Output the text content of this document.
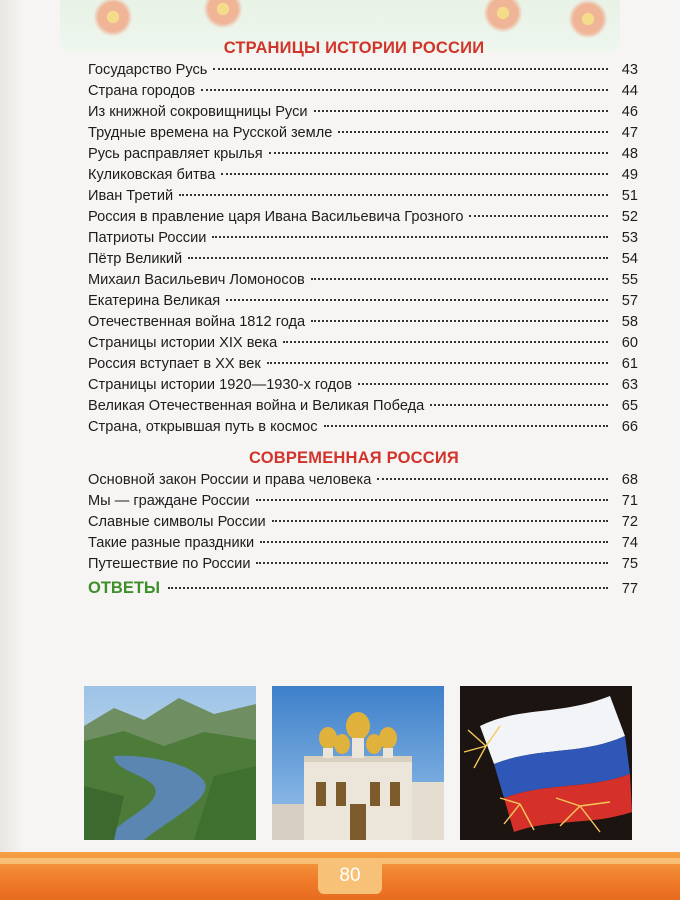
СТРАНИЦЫ ИСТОРИИ РОССИИ
Государство Русь	43
Страна городов	44
Из книжной сокровищницы Руси	46
Трудные времена на Русской земле	47
Русь расправляет крылья	48
Куликовская битва	49
Иван Третий	51
Россия в правление царя Ивана Васильевича Грозного	52
Патриоты России	53
Пётр Великий	54
Михаил Васильевич Ломоносов	55
Екатерина Великая	57
Отечественная война 1812 года	58
Страницы истории XIX века	60
Россия вступает в XX век	61
Страницы истории 1920—1930-х годов	63
Великая Отечественная война и Великая Победа	65
Страна, открывшая путь в космос	66
СОВРЕМЕННАЯ РОССИЯ
Основной закон России и права человека	68
Мы — граждане России	71
Славные символы России	72
Такие разные праздники	74
Путешествие по России	75
ОТВЕТЫ	77
80
